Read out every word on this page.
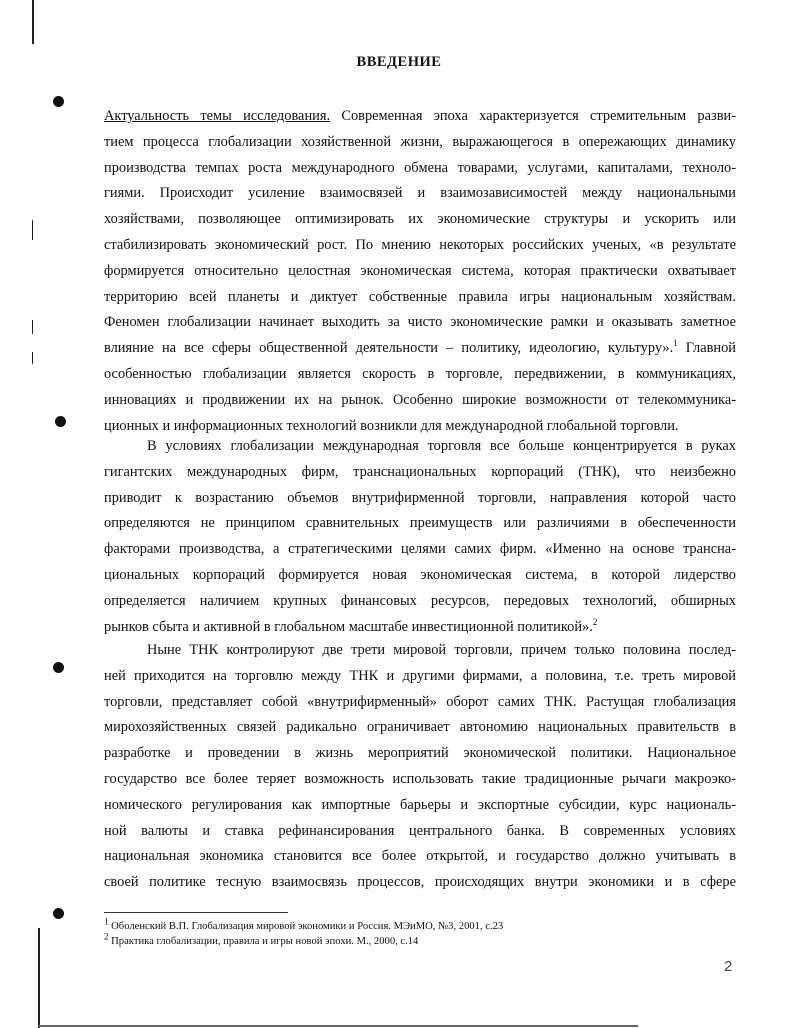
ВВЕДЕНИЕ
Актуальность темы исследования. Современная эпоха характеризуется стремительным разви-
тием процесса глобализации хозяйственной жизни, выражающегося в опережающих динамику
производства темпах роста международного обмена товарами, услугами, капиталами, техноло-
гиями. Происходит усиление взаимосвязей и взаимозависимостей между национальными
хозяйствами, позволяющее оптимизировать их экономические структуры и ускорить или
стабилизировать экономический рост. По мнению некоторых российских ученых, «в результате
формируется относительно целостная экономическая система, которая практически охватывает
территорию всей планеты и диктует собственные правила игры национальным хозяйствам.
Феномен глобализации начинает выходить за чисто экономические рамки и оказывать заметное
влияние на все сферы общественной деятельности – политику, идеологию, культуру».$^1$ Главной
особенностью глобализации является скорость в торговле, передвижении, в коммуникациях,
инновациях и продвижении их на рынок. Особенно широкие возможности от телекоммуника-
ционных и информационных технологий возникли для международной глобальной торговли.
В условиях глобализации международная торговля все больше концентрируется в руках
гигантских международных фирм, транснациональных корпораций (ТНК), что неизбежно
приводит к возрастанию объемов внутрифирменной торговли, направления которой часто
определяются не принципом сравнительных преимуществ или различиями в обеспеченности
факторами производства, а стратегическими целями самих фирм. «Именно на основе трансна-
циональных корпораций формируется новая экономическая система, в которой лидерство
определяется наличием крупных финансовых ресурсов, передовых технологий, обширных
рынков сбыта и активной в глобальном масштабе инвестиционной политикой».$^2$
Ныне ТНК контролируют две трети мировой торговли, причем только половина послед-
ней приходится на торговлю между ТНК и другими фирмами, а половина, т.е. треть мировой
торговли, представляет собой «внутрифирменный» оборот самих ТНК. Растущая глобализация
мирохозяйственных связей радикально ограничивает автономию национальных правительств в
разработке и проведении в жизнь мероприятий экономической политики. Национальное
государство все более теряет возможность использовать такие традиционные рычаги макроэко-
номического регулирования как импортные барьеры и экспортные субсидии, курс националь-
ной валюты и ставка рефинансирования центрального банка. В современных условиях
национальная экономика становится все более открытой, и государство должно учитывать в
своей политике тесную взаимосвязь процессов, происходящих внутри экономики и в сфере
$^1$ Оболенский В.П. Глобализация мировой экономики и Россия. МЭиМО, №3, 2001, с.23
$^2$ Практика глобализации, правила и игры новой эпохи. М., 2000, с.14
2
